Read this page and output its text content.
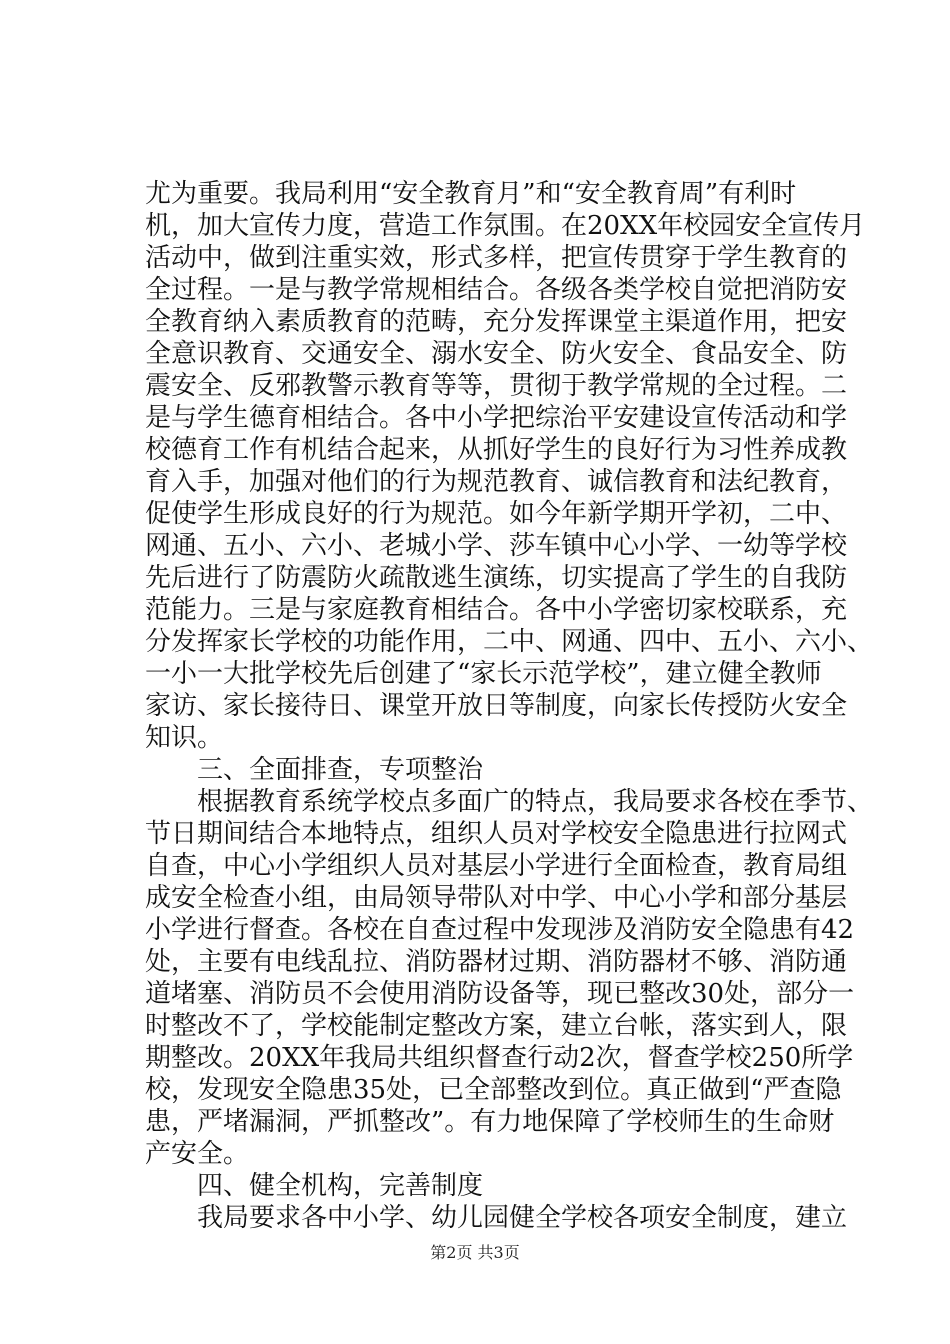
尤为重要。我局利用“安全教育月”和“安全教育周”有利时
机，加大宣传力度，营造工作氛围。在20XX年校园安全宣传月
活动中，做到注重实效，形式多样，把宣传贯穿于学生教育的
全过程。一是与教学常规相结合。各级各类学校自觉把消防安
全教育纳入素质教育的范畴，充分发挥课堂主渠道作用，把安
全意识教育、交通安全、溺水安全、防火安全、食品安全、防
震安全、反邪教警示教育等等，贯彻于教学常规的全过程。二
是与学生德育相结合。各中小学把综治平安建设宣传活动和学
校德育工作有机结合起来，从抓好学生的良好行为习性养成教
育入手，加强对他们的行为规范教育、诚信教育和法纪教育，
促使学生形成良好的行为规范。如今年新学期开学初，二中、
网通、五小、六小、老城小学、莎车镇中心小学、一幼等学校
先后进行了防震防火疏散逃生演练，切实提高了学生的自我防
范能力。三是与家庭教育相结合。各中小学密切家校联系，充
分发挥家长学校的功能作用，二中、网通、四中、五小、六小、
一小一大批学校先后创建了“家长示范学校”，建立健全教师
家访、家长接待日、课堂开放日等制度，向家长传授防火安全
知识。
　　三、全面排查，专项整治
　　根据教育系统学校点多面广的特点，我局要求各校在季节、
节日期间结合本地特点，组织人员对学校安全隐患进行拉网式
自查，中心小学组织人员对基层小学进行全面检查，教育局组
成安全检查小组，由局领导带队对中学、中心小学和部分基层
小学进行督查。各校在自查过程中发现涉及消防安全隐患有42
处，主要有电线乱拉、消防器材过期、消防器材不够、消防通
道堵塞、消防员不会使用消防设备等，现已整改30处，部分一
时整改不了，学校能制定整改方案，建立台帐，落实到人，限
期整改。20XX年我局共组织督查行动2次，督查学校250所学
校，发现安全隐患35处，已全部整改到位。真正做到“严查隐
患，严堵漏洞，严抓整改”。有力地保障了学校师生的生命财
产安全。
　　四、健全机构，完善制度
　　我局要求各中小学、幼儿园健全学校各项安全制度，建立
第2页 共3页
